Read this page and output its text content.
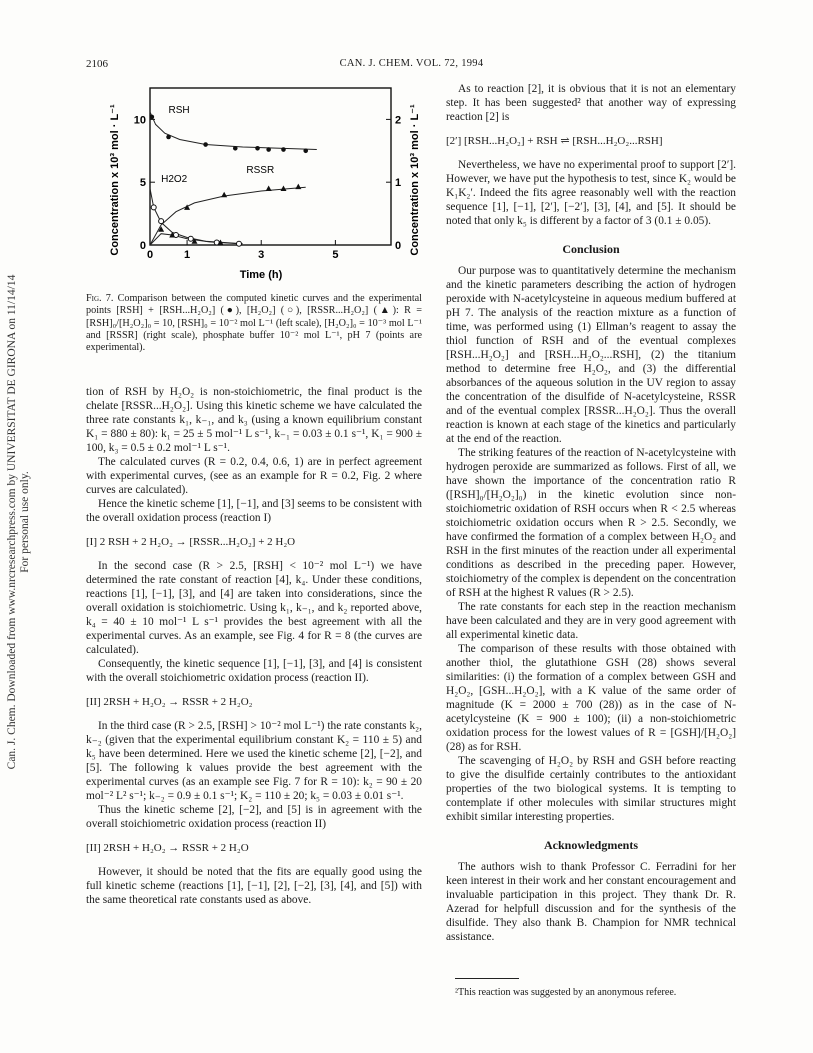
2106	CAN. J. CHEM. VOL. 72, 1994
Can. J. Chem. Downloaded from www.nrcresearchpress.com by UNIVERSITAT DE GIRONA on 11/14/14 For personal use only.
0	1	3	5
0
5
10
0
1
2
RSH
H2O2
RSSR
Concentration x 10³ mol · L⁻¹	Concentration x 10³ mol · L⁻¹
Time (h)
Fig. 7. Comparison between the computed kinetic curves and the experimental points [RSH] + [RSH...H₂O₂] (●), [H₂O₂] (○), [RSSR...H₂O₂] (▲): R = [RSH]₀/[H₂O₂]₀ = 10, [RSH]₀ = 10⁻² mol L⁻¹ (left scale), [H₂O₂]₀ = 10⁻³ mol L⁻¹ and [RSSR] (right scale), phosphate buffer 10⁻² mol L⁻¹, pH 7 (points are experimental).

tion of RSH by H₂O₂ is non-stoichiometric, the final product is the chelate [RSSR...H₂O₂]. Using this kinetic scheme we have calculated the three rate constants k₁, k₋₁, and k₃ (using a known equilibrium constant K₁ = 880 ± 80): k₁ = 25 ± 5 mol⁻¹ L s⁻¹, k₋₁ = 0.03 ± 0.1 s⁻¹, K₁ = 900 ± 100, k₃ = 0.5 ± 0.2 mol⁻¹ L s⁻¹.

The calculated curves (R = 0.2, 0.4, 0.6, 1) are in perfect agreement with experimental curves, (see as an example for R = 0.2, Fig. 2 where curves are calculated).

Hence the kinetic scheme [1], [−1], and [3] seems to be consistent with the overall oxidation process (reaction I)

[I] 2 RSH + 2 H₂O₂ → [RSSR...H₂O₂] + 2 H₂O

In the second case (R > 2.5, [RSH] < 10⁻² mol L⁻¹) we have determined the rate constant of reaction [4], k₄. Under these conditions, reactions [1], [−1], [3], and [4] are taken into considerations, since the overall oxidation is stoichiometric. Using k₁, k₋₁, and k₂ reported above, k₄ = 40 ± 10 mol⁻¹ L s⁻¹ provides the best agreement with all the experimental curves. As an example, see Fig. 4 for R = 8 (the curves are calculated).

Consequently, the kinetic sequence [1], [−1], [3], and [4] is consistent with the overall stoichiometric oxidation process (reaction II).

[II] 2RSH + H₂O₂ → RSSR + 2 H₂O₂

In the third case (R > 2.5, [RSH] > 10⁻² mol L⁻¹) the rate constants k₂, k₋₂ (given that the experimental equilibrium constant K₂ = 110 ± 5) and k₅ have been determined. Here we used the kinetic scheme [2], [−2], and [5]. The following k values provide the best agreement with the experimental curves (as an example see Fig. 7 for R = 10): k₂ = 90 ± 20 mol⁻² L² s⁻¹; k₋₂ = 0.9 ± 0.1 s⁻¹; K₂ = 110 ± 20; k₅ = 0.03 ± 0.01 s⁻¹.

Thus the kinetic scheme [2], [−2], and [5] is in agreement with the overall stoichiometric oxidation process (reaction II)

[II] 2RSH + H₂O₂ → RSSR + 2 H₂O

However, it should be noted that the fits are equally good using the full kinetic scheme (reactions [1], [−1], [2], [−2], [3], [4], and [5]) with the same theoretical rate constants used as above.

As to reaction [2], it is obvious that it is not an elementary step. It has been suggested² that another way of expressing reaction [2] is

[2′] [RSH...H₂O₂] + RSH ⇌ [RSH...H₂O₂...RSH]

Nevertheless, we have no experimental proof to support [2′]. However, we have put the hypothesis to test, since K₂ would be K₁K₂′. Indeed the fits agree reasonably well with the reaction sequence [1], [−1], [2′], [−2′], [3], [4], and [5]. It should be noted that only k₅ is different by a factor of 3 (0.1 ± 0.05).

Conclusion

Our purpose was to quantitatively determine the mechanism and the kinetic parameters describing the action of hydrogen peroxide with N-acetylcysteine in aqueous medium buffered at pH 7. The analysis of the reaction mixture as a function of time, was performed using (1) Ellman’s reagent to assay the thiol function of RSH and of the eventual complexes [RSH...H₂O₂] and [RSH...H₂O₂...RSH], (2) the titanium method to determine free H₂O₂, and (3) the differential absorbances of the aqueous solution in the UV region to assay the concentration of the disulfide of N-acetylcysteine, RSSR and of the eventual complex [RSSR...H₂O₂]. Thus the overall reaction is known at each stage of the kinetics and particularly at the end of the reaction.

The striking features of the reaction of N-acetylcysteine with hydrogen peroxide are summarized as follows. First of all, we have shown the importance of the concentration ratio R ([RSH]₀/[H₂O₂]₀) in the kinetic evolution since non-stoichiometric oxidation of RSH occurs when R < 2.5 whereas stoichiometric oxidation occurs when R > 2.5. Secondly, we have confirmed the formation of a complex between H₂O₂ and RSH in the first minutes of the reaction under all experimental conditions as described in the preceding paper. However, stoichiometry of the complex is dependent on the concentration of RSH at the highest R values (R > 2.5).

The rate constants for each step in the reaction mechanism have been calculated and they are in very good agreement with all experimental kinetic data.

The comparison of these results with those obtained with another thiol, the glutathione GSH (28) shows several similarities: (i) the formation of a complex between GSH and H₂O₂, [GSH...H₂O₂], with a K value of the same order of magnitude (K = 2000 ± 700 (28)) as in the case of N-acetylcysteine (K = 900 ± 100); (ii) a non-stoichiometric oxidation process for the lowest values of R = [GSH]/[H₂O₂] (28) as for RSH.

The scavenging of H₂O₂ by RSH and GSH before reacting to give the disulfide certainly contributes to the antioxidant properties of the two biological systems. It is tempting to contemplate if other molecules with similar structures might exhibit similar interesting properties.

Acknowledgments

The authors wish to thank Professor C. Ferradini for her keen interest in their work and her constant encouragement and invaluable participation in this project. They thank Dr. R. Azerad for helpfull discussion and for the synthesis of the disulfide. They also thank B. Champion for NMR technical assistance.

²This reaction was suggested by an anonymous referee.
